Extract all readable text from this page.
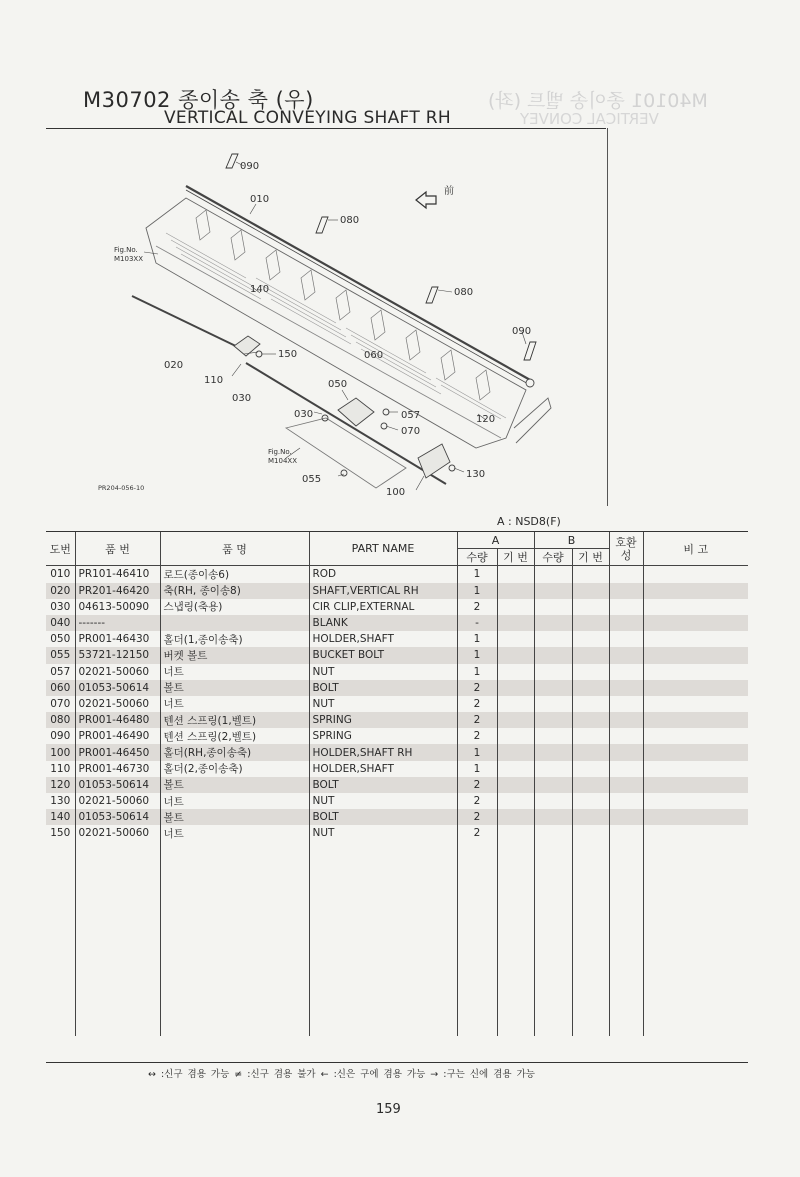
M40101 종이송 벨트 (좌)
VERTICAL CONVEY
M30702 종이송 축 (우)
VERTICAL CONVEYING SHAFT RH
090
010
080
前
Fig.No.
M103XX
140	080
090
020
150	060
110
030
050
030	057
070
120
Fig.No.
M104XX
055	130
100
PR204-056-10
A : NSD8(F)
도번	품 번	품 명	PART NAME	A		B		호환성	비 고
				수량	기 번	수량	기 번		
010	PR101-46410	로드(종이송6)	ROD	1					
020	PR201-46420	축(RH, 종이송8)	SHAFT,VERTICAL RH	1					
030	04613-50090	스냅링(축용)	CIR CLIP,EXTERNAL	2					
040	-------		BLANK	-					
050	PR001-46430	홀더(1,종이송축)	HOLDER,SHAFT	1					
055	53721-12150	버켓 볼트	BUCKET BOLT	1					
057	02021-50060	너트	NUT	1					
060	01053-50614	볼트	BOLT	2					
070	02021-50060	너트	NUT	2					
080	PR001-46480	텐션 스프링(1,벨트)	SPRING	2					
090	PR001-46490	텐션 스프링(2,벨트)	SPRING	2					
100	PR001-46450	홀더(RH,종이송축)	HOLDER,SHAFT RH	1					
110	PR001-46730	홀더(2,종이송축)	HOLDER,SHAFT	1					
120	01053-50614	볼트	BOLT	2					
130	02021-50060	너트	NUT	2					
140	01053-50614	볼트	BOLT	2					
150	02021-50060	너트	NUT	2					

↔ :신구 겸용 가능 ≠ :신구 겸용 불가 ← :신은 구에 겸용 가능 → :구는 신에 겸용 가능
159
